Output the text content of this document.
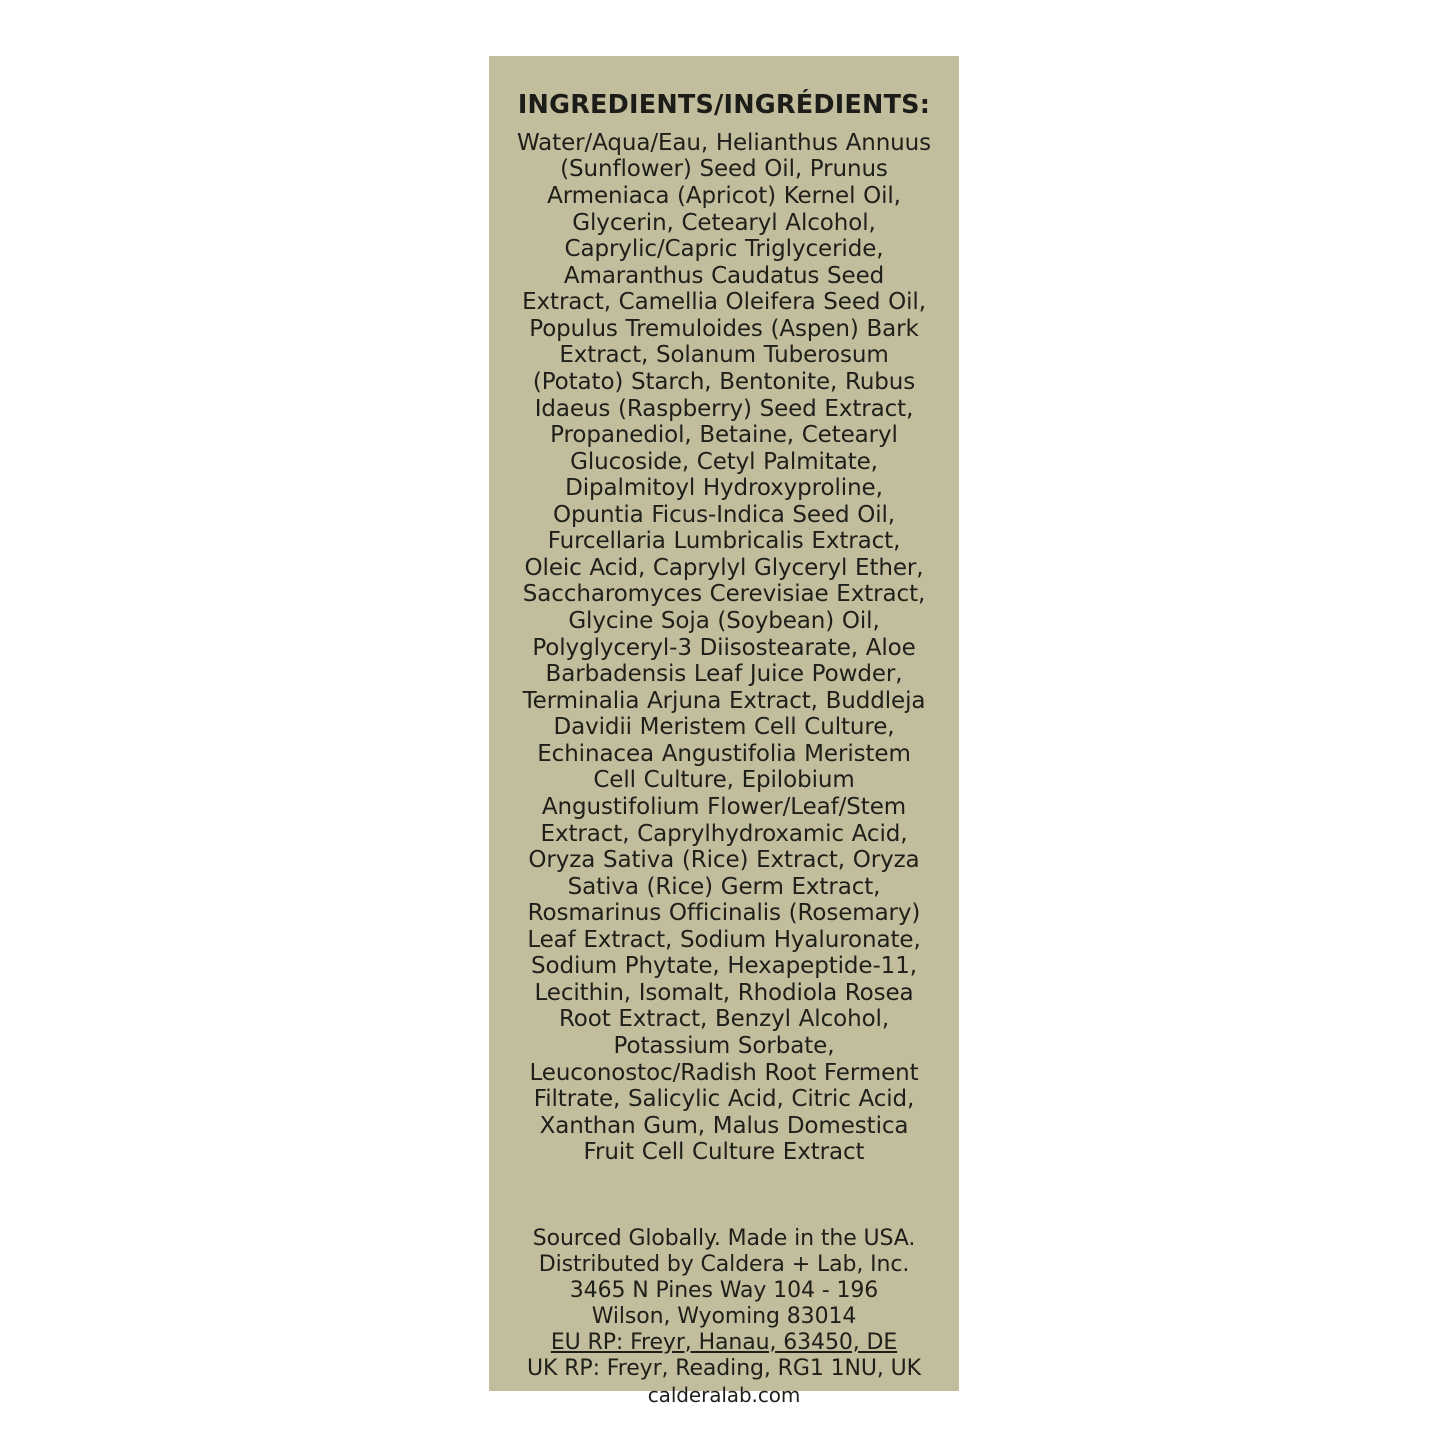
INGREDIENTS/INGRÉDIENTS:

Water/Aqua/Eau, Helianthus Annuus (Sunflower) Seed Oil, Prunus Armeniaca (Apricot) Kernel Oil, Glycerin, Cetearyl Alcohol, Caprylic/Capric Triglyceride, Amaranthus Caudatus Seed Extract, Camellia Oleifera Seed Oil, Populus Tremuloides (Aspen) Bark Extract, Solanum Tuberosum (Potato) Starch, Bentonite, Rubus Idaeus (Raspberry) Seed Extract, Propanediol, Betaine, Cetearyl Glucoside, Cetyl Palmitate, Dipalmitoyl Hydroxyproline, Opuntia Ficus-Indica Seed Oil, Furcellaria Lumbricalis Extract, Oleic Acid, Caprylyl Glyceryl Ether, Saccharomyces Cerevisiae Extract, Glycine Soja (Soybean) Oil, Polyglyceryl-3 Diisostearate, Aloe Barbadensis Leaf Juice Powder, Terminalia Arjuna Extract, Buddleja Davidii Meristem Cell Culture, Echinacea Angustifolia Meristem Cell Culture, Epilobium Angustifolium Flower/Leaf/Stem Extract, Caprylhydroxamic Acid, Oryza Sativa (Rice) Extract, Oryza Sativa (Rice) Germ Extract, Rosmarinus Officinalis (Rosemary) Leaf Extract, Sodium Hyaluronate, Sodium Phytate, Hexapeptide-11, Lecithin, Isomalt, Rhodiola Rosea Root Extract, Benzyl Alcohol, Potassium Sorbate, Leuconostoc/Radish Root Ferment Filtrate, Salicylic Acid, Citric Acid, Xanthan Gum, Malus Domestica Fruit Cell Culture Extract

Sourced Globally. Made in the USA.
Distributed by Caldera + Lab, Inc.
3465 N Pines Way 104 - 196
Wilson, Wyoming 83014
EU RP: Freyr, Hanau, 63450, DE
UK RP: Freyr, Reading, RG1 1NU, UK
calderalab.com
